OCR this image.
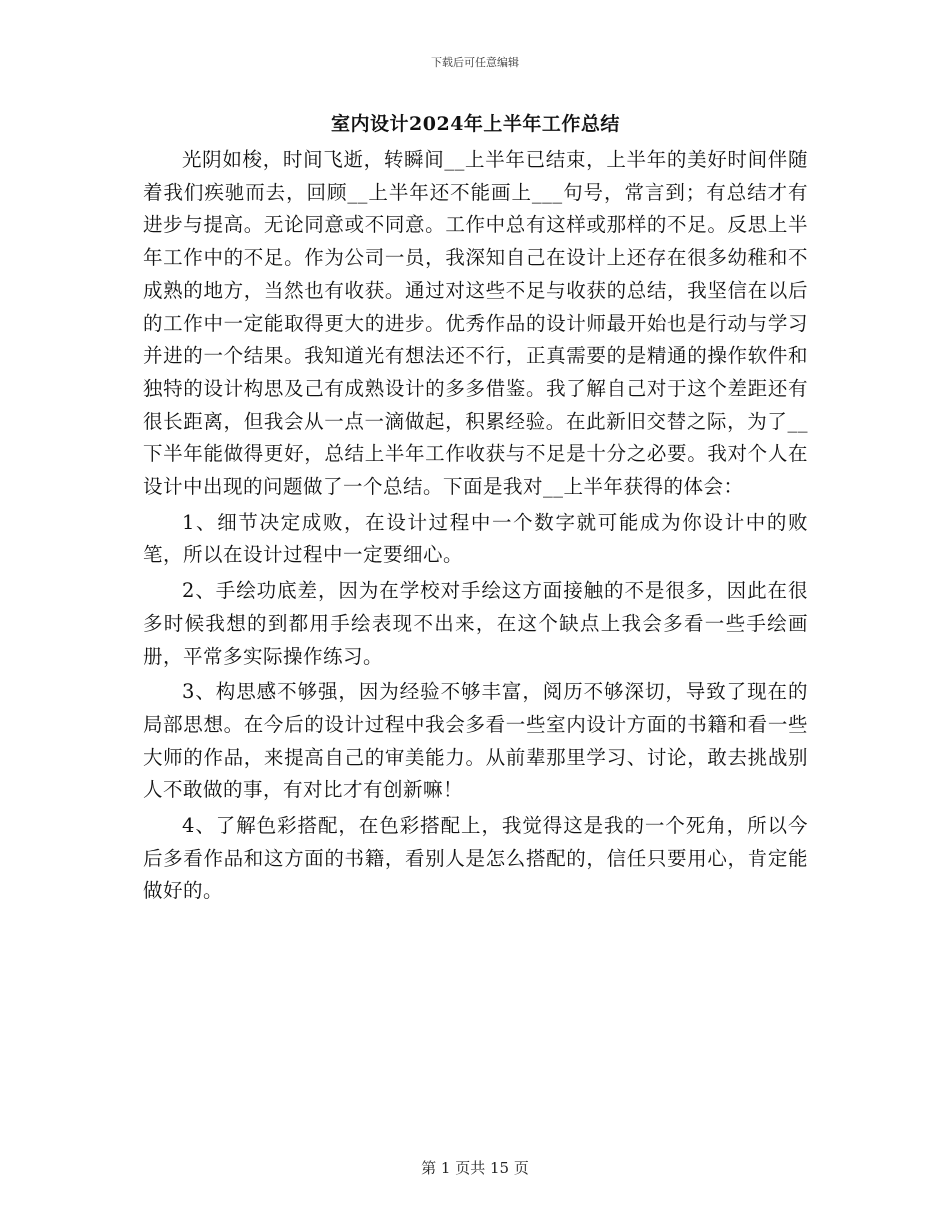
下载后可任意编辑
室内设计2024年上半年工作总结

光阴如梭，时间飞逝，转瞬间__上半年已结束，上半年的美好时间伴随着我们疾驰而去，回顾__上半年还不能画上___句号，常言到；有总结才有进步与提高。无论同意或不同意。工作中总有这样或那样的不足。反思上半年工作中的不足。作为公司一员，我深知自己在设计上还存在很多幼稚和不成熟的地方，当然也有收获。通过对这些不足与收获的总结，我坚信在以后的工作中一定能取得更大的进步。优秀作品的设计师最开始也是行动与学习并进的一个结果。我知道光有想法还不行，正真需要的是精通的操作软件和独特的设计构思及己有成熟设计的多多借鉴。我了解自己对于这个差距还有很长距离，但我会从一点一滴做起，积累经验。在此新旧交替之际，为了__下半年能做得更好，总结上半年工作收获与不足是十分之必要。我对个人在设计中出现的问题做了一个总结。下面是我对__上半年获得的体会：

1、细节决定成败，在设计过程中一个数字就可能成为你设计中的败笔，所以在设计过程中一定要细心。

2、手绘功底差，因为在学校对手绘这方面接触的不是很多，因此在很多时候我想的到都用手绘表现不出来，在这个缺点上我会多看一些手绘画册，平常多实际操作练习。

3、构思感不够强，因为经验不够丰富，阅历不够深切，导致了现在的局部思想。在今后的设计过程中我会多看一些室内设计方面的书籍和看一些大师的作品，来提高自己的审美能力。从前辈那里学习、讨论，敢去挑战别人不敢做的事，有对比才有创新嘛！

4、了解色彩搭配，在色彩搭配上，我觉得这是我的一个死角，所以今后多看作品和这方面的书籍，看别人是怎么搭配的，信任只要用心，肯定能做好的。

第 1 页共 15 页
